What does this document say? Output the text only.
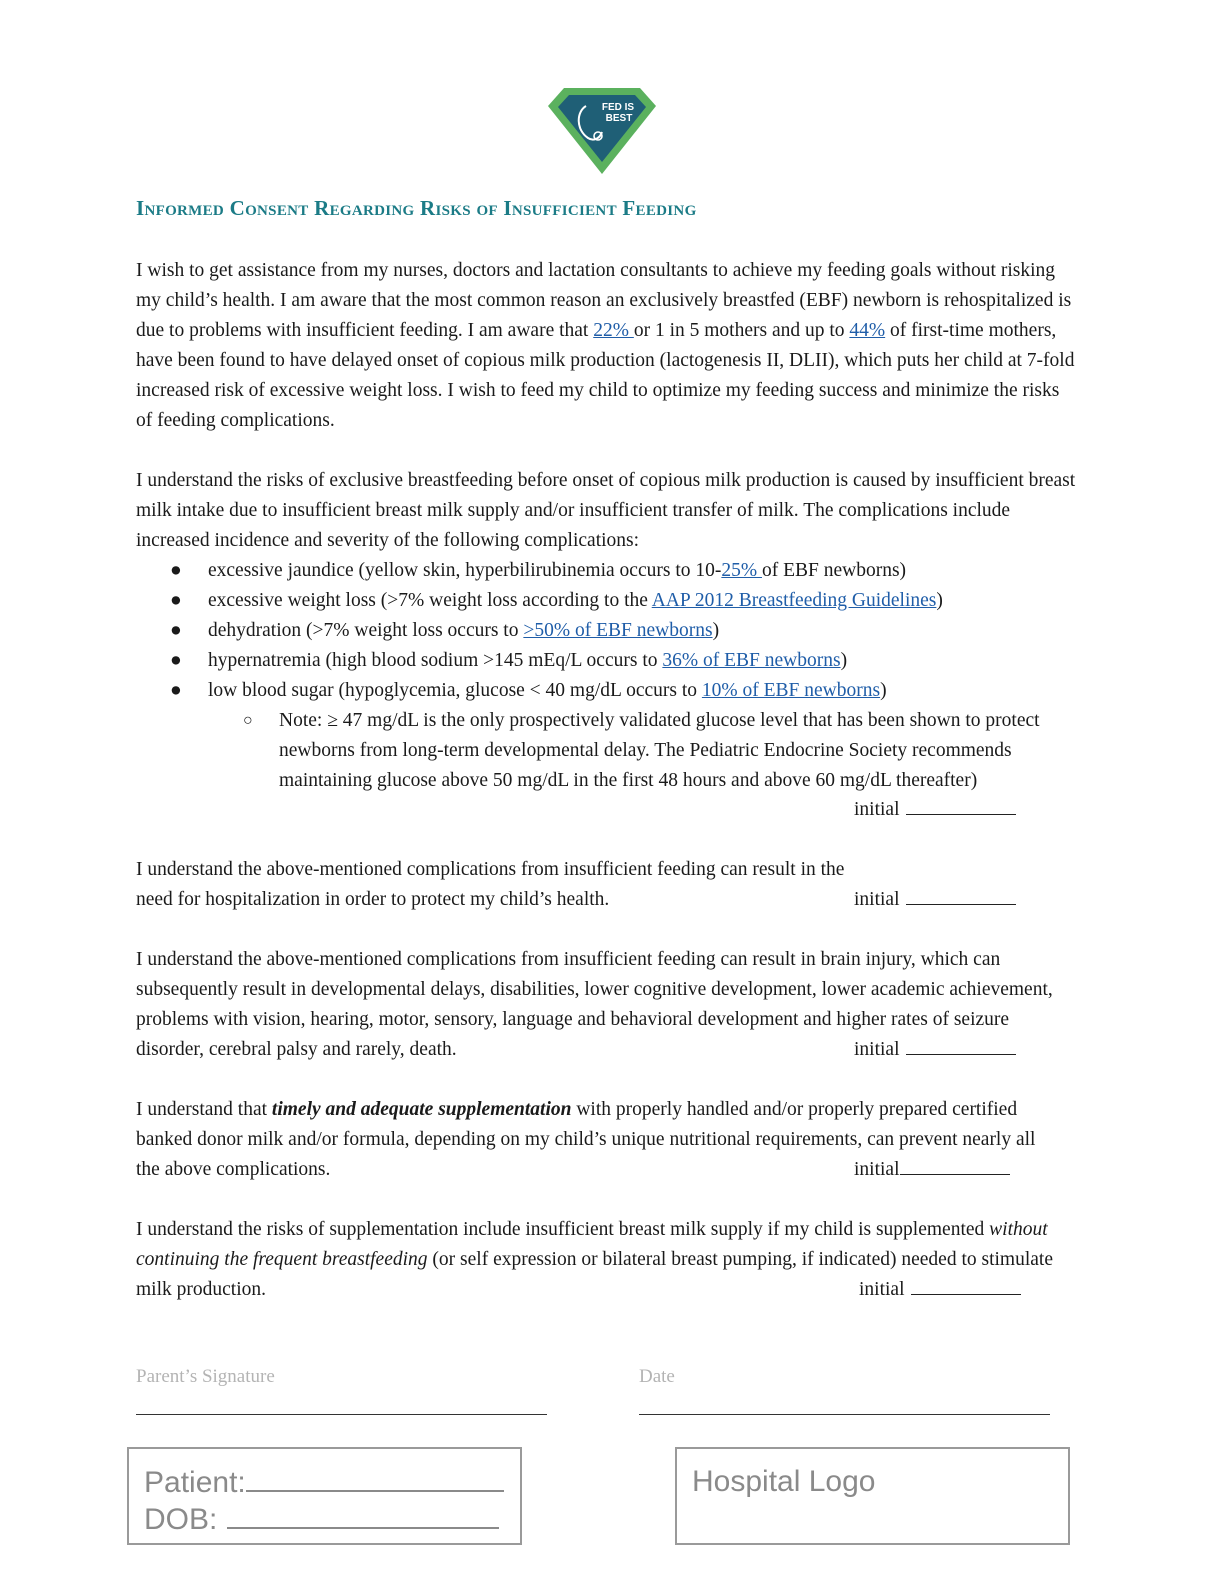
FED IS
BEST
Informed Consent Regarding Risks of Insufficient Feeding

I wish to get assistance from my nurses, doctors and lactation consultants to achieve my feeding goals without risking my child’s health. I am aware that the most common reason an exclusively breastfed (EBF) newborn is rehospitalized is due to problems with insufficient feeding. I am aware that 22% or 1 in 5 mothers and up to 44% of first-time mothers, have been found to have delayed onset of copious milk production (lactogenesis II, DLII), which puts her child at 7-fold increased risk of excessive weight loss. I wish to feed my child to optimize my feeding success and minimize the risks of feeding complications.

I understand the risks of exclusive breastfeeding before onset of copious milk production is caused by insufficient breast milk intake due to insufficient breast milk supply and/or insufficient transfer of milk. The complications include increased incidence and severity of the following complications:
● excessive jaundice (yellow skin, hyperbilirubinemia occurs to 10-25% of EBF newborns)
● excessive weight loss (>7% weight loss according to the AAP 2012 Breastfeeding Guidelines)
● dehydration (>7% weight loss occurs to >50% of EBF newborns)
● hypernatremia (high blood sodium >145 mEq/L occurs to 36% of EBF newborns)
● low blood sugar (hypoglycemia, glucose < 40 mg/dL occurs to 10% of EBF newborns)
○ Note: ≥ 47 mg/dL is the only prospectively validated glucose level that has been shown to protect newborns from long-term developmental delay. The Pediatric Endocrine Society recommends maintaining glucose above 50 mg/dL in the first 48 hours and above 60 mg/dL thereafter)
initial

I understand the above-mentioned complications from insufficient feeding can result in the need for hospitalization in order to protect my child’s health.	initial

I understand the above-mentioned complications from insufficient feeding can result in brain injury, which can subsequently result in developmental delays, disabilities, lower cognitive development, lower academic achievement, problems with vision, hearing, motor, sensory, language and behavioral development and higher rates of seizure disorder, cerebral palsy and rarely, death.	initial

I understand that timely and adequate supplementation with properly handled and/or properly prepared certified banked donor milk and/or formula, depending on my child’s unique nutritional requirements, can prevent nearly all the above complications.	initial

I understand the risks of supplementation include insufficient breast milk supply if my child is supplemented without continuing the frequent breastfeeding (or self expression or bilateral breast pumping, if indicated) needed to stimulate milk production.	initial
Parent’s Signature	Date
Patient:
DOB:
Hospital Logo
